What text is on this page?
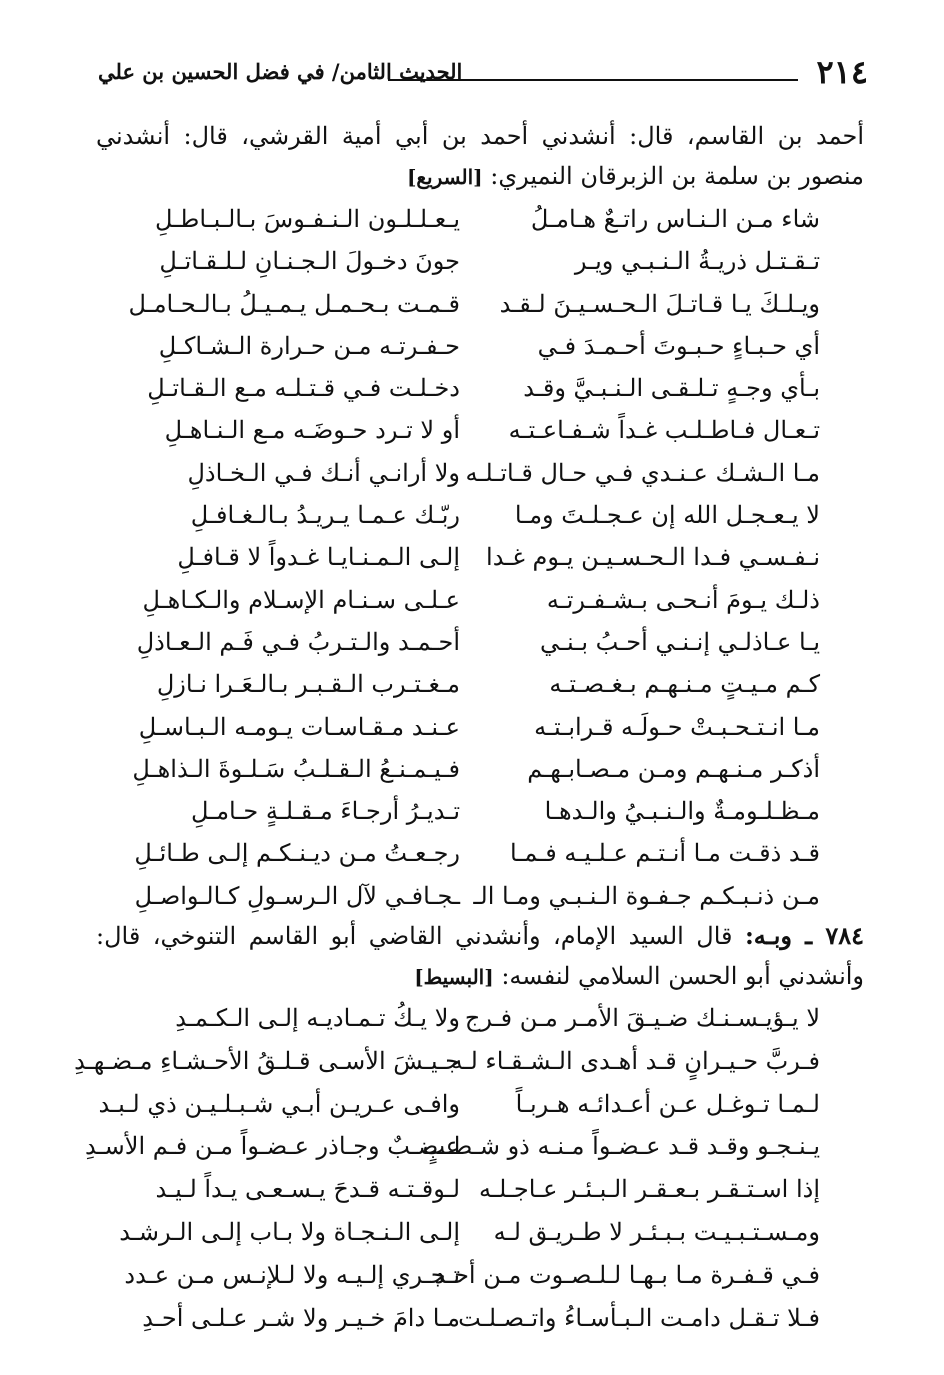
٢١٤
الحديث الثامن/ في فضل الحسين بن علي
أحمد بن القاسم، قال: أنشدني أحمد بن أبي أمية القرشي، قال: أنشدني منصور بن سلمة بن الزبرقان النميري: [السريع]
شاء مـن الـنـاس راتـعٌ هـامـلُ
يـعـلـلـون الـنـفـوسَ بـالـبـاطـلِ
تـقـتـل ذريـةُ الـنـبـي ويـر
جونَ دخـولَ الـجـنـانِ لـلـقـاتـلِ
ويـلـكَ يـا قـاتـلَ الـحـسـيـنَ لـقـد
قـمـت بـحـمـل يـمـيـلُ بـالـحـامـل
أي حـبـاءٍ حـبـوتَ أحـمـدَ فـي
حـفـرتـه مـن حـرارة الـشـاكـلِ
بـأي وجـهٍ تـلـقـى الـنـبـيَّ وقـد
دخـلـت فـي قـتـلـه مـع الـقـاتـلِ
تـعـال فـاطـلـب غـداً شـفـاعـتـه
أو لا تـرد حـوضَـه مـع الـنـاهـلِ
مـا الـشـك عـنـدي فـي حـال قـاتـلـه
ولا أرانـي أنـك فـي الـخـاذلِ
لا يـعـجـل الله إن عـجـلـتَ ومـا
ربّـك عـمـا يـريـدُ بـالـغـافـلِ
نـفـسـي فـدا الـحـسـيـن يـوم غـدا
إلـى الـمـنـايـا غـدواً لا قـافـلِ
ذلـك يـومَ أنـحـى بـشـفـرتـه
عـلـى سـنـام الإسـلام والـكـاهـلِ
يـا عـاذلـي إنـنـي أحـبُ بـنـي
أحـمـد والـتـربُ فـي فَـم الـعـاذلِ
كـم مـيـتٍ مـنـهـم بـغـصـتـه
مـغـتـرب الـقـبـر بـالـعَـرا نـازلِ
مـا انـتـحـبـتْ حـولَـه قـرابـتـه
عـنـد مـقـاسـات يـومـه الـبـاسـلِ
أذكـر مـنـهـم ومـن مـصـابـهـم
فـيـمـنـعُ الـقـلـبُ سَـلـوةَ الـذاهـلِ
مـظـلـومـةٌ والـنـبـيُ والـدهـا
تـديـرُ أرجـاءَ مـقـلـةٍ حـامـلِ
قـد ذقـت مـا أنـتـم عـلـيـه فـمـا
رجـعـتُ مـن ديـنـكـم إلـى طـائـلِ
مـن ذنـبـكـم جـفـوة الـنـبـي ومـا الـ
ـجـافـي لآل الـرسـولِ كـالـواصـلِ
٧٨٤ ـ وبـه: قال السيد الإمام، وأنشدني القاضي أبو القاسم التنوخي، قال: وأنشدني أبو الحسن السلامي لنفسه: [البسيط]
لا يـؤيـسـنـك ضـيـقَ الأمـر مـن فـرج
ولا يـكُ تـمـاديـه إلـى الـكـمـدِ
فـربَّ حـيـرانٍ قـد أهـدى الـشـقـاء لـه
جـيـشَ الأسـى قـلـقُ الأحـشـاءِ مـضـهـدِ
لـمـا تـوغـل عـن أعـدائـه هـربـاً
وافـى عـريـن أبـي شـبـلـيـن ذي لـبـد
يـنـجـو وقـد قـد عـضـواً مـنـه ذو شـطـبٍ
عـضـبٌ وجـاذر عـضـواً مـن فـم الأسـدِ
إذا اسـتـقـر بـعـقـر الـبـئـر عـاجـلـه
لـوقـتـه قـدحَ يـسـعـى يـداً لـيـد
ومـسـتـبـيـت بـبـئـر لا طـريـق لـه
إلـى الـنـجـاة ولا بـاب إلـى الـرشـد
فـي قـفـرة مـا بـهـا لـلـصـوت مـن أحـد
تـجـري إلـيـه ولا لـلإنـس مـن عـدد
فـلا تـقـل دامـت الـبـأسـاءُ واتـصـلـت
مـا دامَ خـيـر ولا شـر عـلـى أحـدِ
